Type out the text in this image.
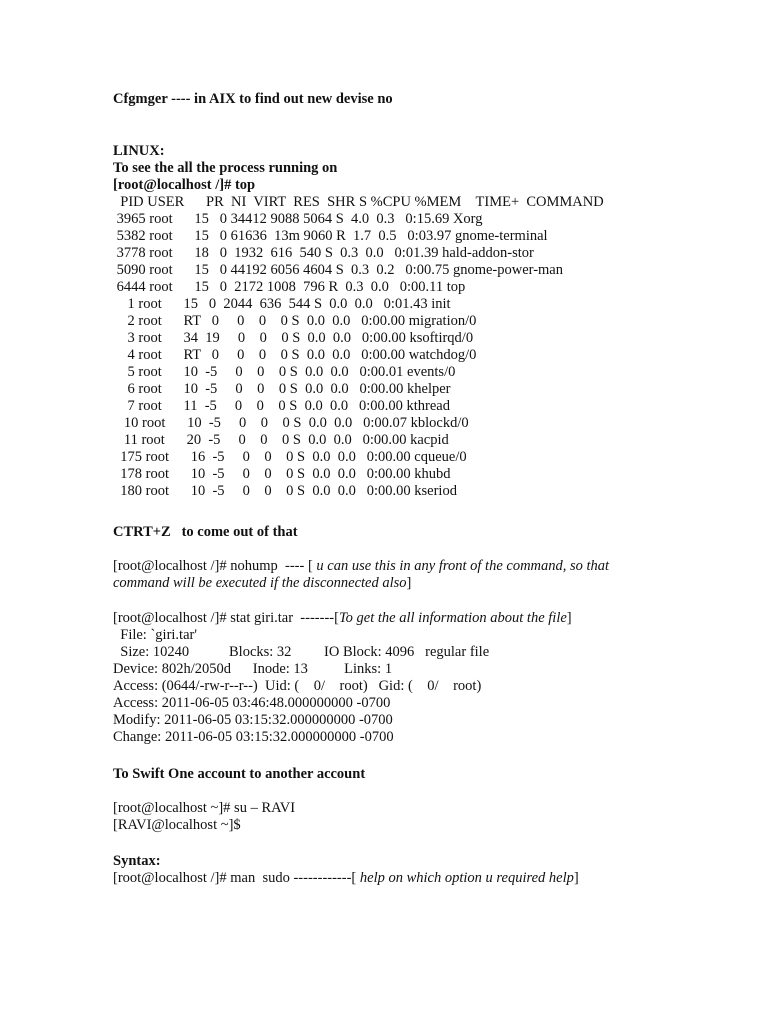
Cfgmger ---- in AIX to find out new devise no
LINUX:
To see the all the process running on
[root@localhost /]# top
PID USER      PR  NI  VIRT  RES  SHR S %CPU %MEM    TIME+  COMMAND
3965 root      15   0 34412 9088 5064 S  4.0  0.3   0:15.69 Xorg
5382 root      15   0 61636  13m 9060 R  1.7  0.5   0:03.97 gnome-terminal
3778 root      18   0  1932  616  540 S  0.3  0.0   0:01.39 hald-addon-stor
5090 root      15   0 44192 6056 4604 S  0.3  0.2   0:00.75 gnome-power-man
6444 root      15   0  2172 1008  796 R  0.3  0.0   0:00.11 top
1 root      15   0  2044  636  544 S  0.0  0.0   0:01.43 init
2 root      RT   0     0    0    0 S  0.0  0.0   0:00.00 migration/0
3 root      34  19     0    0    0 S  0.0  0.0   0:00.00 ksoftirqd/0
4 root      RT   0     0    0    0 S  0.0  0.0   0:00.00 watchdog/0
5 root      10  -5     0    0    0 S  0.0  0.0   0:00.01 events/0
6 root      10  -5     0    0    0 S  0.0  0.0   0:00.00 khelper
7 root      11  -5     0    0    0 S  0.0  0.0   0:00.00 kthread
10 root      10  -5     0    0    0 S  0.0  0.0   0:00.07 kblockd/0
11 root      20  -5     0    0    0 S  0.0  0.0   0:00.00 kacpid
175 root      16  -5     0    0    0 S  0.0  0.0   0:00.00 cqueue/0
178 root      10  -5     0    0    0 S  0.0  0.0   0:00.00 khubd
180 root      10  -5     0    0    0 S  0.0  0.0   0:00.00 kseriod
CTRT+Z   to come out of that
[root@localhost /]# nohump  ---- [ u can use this in any front of the command, so that
command will be executed if the disconnected also]
[root@localhost /]# stat giri.tar  -------[To get the all information about the file]
File: `giri.tar'
Size: 10240           Blocks: 32         IO Block: 4096   regular file
Device: 802h/2050d      Inode: 13          Links: 1
Access: (0644/-rw-r--r--)  Uid: (    0/    root)   Gid: (    0/    root)
Access: 2011-06-05 03:46:48.000000000 -0700
Modify: 2011-06-05 03:15:32.000000000 -0700
Change: 2011-06-05 03:15:32.000000000 -0700
To Swift One account to another account
[root@localhost ~]# su – RAVI
[RAVI@localhost ~]$
Syntax:
[root@localhost /]# man  sudo ------------[ help on which option u required help]
